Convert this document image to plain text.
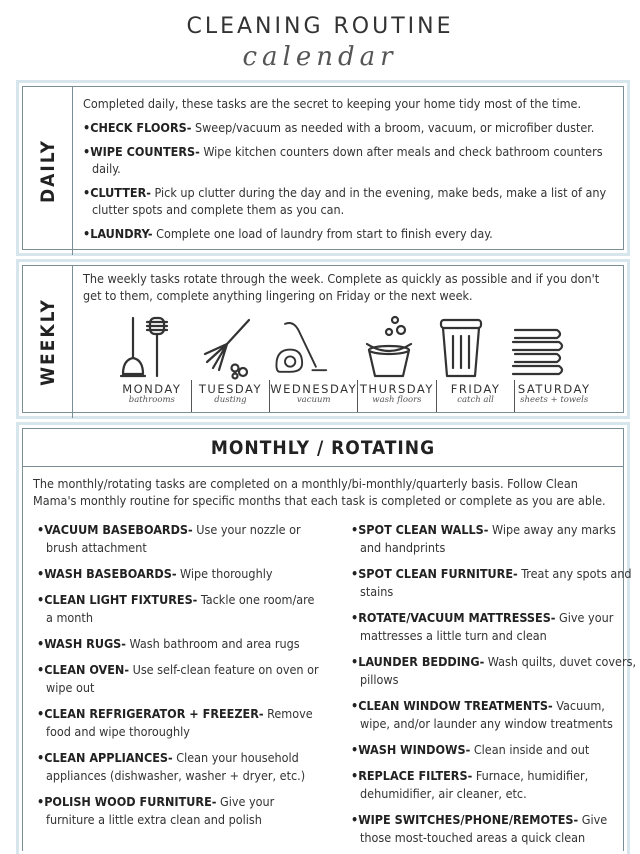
CLEANING ROUTINE
calendar
DAILY
Completed daily, these tasks are the secret to keeping your home tidy most of the time.
•CHECK FLOORS- Sweep/vacuum as needed with a broom, vacuum, or microfiber duster.
•WIPE COUNTERS- Wipe kitchen counters down after meals and check bathroom counters daily.
•CLUTTER- Pick up clutter during the day and in the evening, make beds, make a list of any clutter spots and complete them as you can.
•LAUNDRY- Complete one load of laundry from start to finish every day.
WEEKLY
The weekly tasks rotate through the week. Complete as quickly as possible and if you don't get to them, complete anything lingering on Friday or the next week.
MONDAY
bathrooms
TUESDAY
dusting
WEDNESDAY
vacuum
THURSDAY
wash floors
FRIDAY
catch all
SATURDAY
sheets + towels
MONTHLY / ROTATING
The monthly/rotating tasks are completed on a monthly/bi-monthly/quarterly basis. Follow Clean Mama's monthly routine for specific months that each task is completed or complete as you are able.
•VACUUM BASEBOARDS- Use your nozzle or brush attachment
•WASH BASEBOARDS- Wipe thoroughly
•CLEAN LIGHT FIXTURES- Tackle one room/are a month
•WASH RUGS- Wash bathroom and area rugs
•CLEAN OVEN- Use self-clean feature on oven or wipe out
•CLEAN REFRIGERATOR + FREEZER- Remove food and wipe thoroughly
•CLEAN APPLIANCES- Clean your household appliances (dishwasher, washer + dryer, etc.)
•POLISH WOOD FURNITURE- Give your furniture a little extra clean and polish
•SPOT CLEAN WALLS- Wipe away any marks and handprints
•SPOT CLEAN FURNITURE- Treat any spots and stains
•ROTATE/VACUUM MATTRESSES- Give your mattresses a little turn and clean
•LAUNDER BEDDING- Wash quilts, duvet covers, pillows
•CLEAN WINDOW TREATMENTS- Vacuum, wipe, and/or launder any window treatments
•WASH WINDOWS- Clean inside and out
•REPLACE FILTERS- Furnace, humidifier, dehumidifier, air cleaner, etc.
•WIPE SWITCHES/PHONE/REMOTES- Give those most-touched areas a quick clean
